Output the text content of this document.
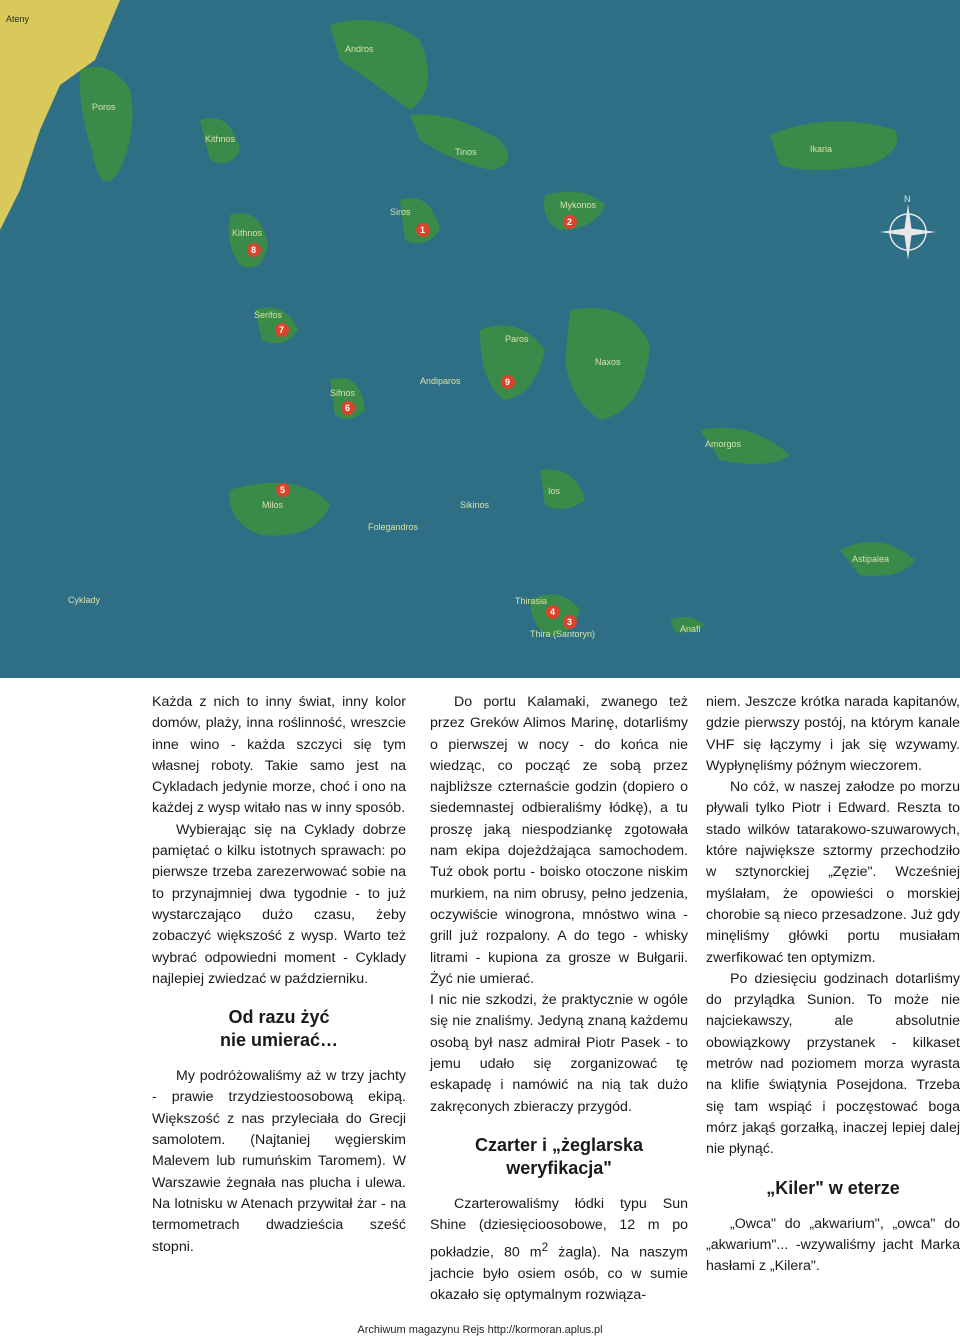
Ateny
Andros
Poros
Kithnos
Tinos	Ikaria
Siros
Mykonos
Kithnos
Serifos
Paros
Naxos
Andiparos
Sifnos
Amorgos
Milos	Sikinos
Ios
Folegandros
Astipalea
Thirasia
Anafi
Thira (Santoryn)
Cyklady
1
2
3
4
5
6
7
8
9
N

Każda z nich to inny świat, inny kolor domów, plaży, inna roślinność, wreszcie inne wino - każda szczyci się tym własnej roboty. Takie samo jest na Cykladach jedynie morze, choć i ono na każdej z wysp witało nas w inny sposób.

Wybierając się na Cyklady dobrze pamiętać o kilku istotnych sprawach: po pierwsze trzeba zarezerwować sobie na to przynajmniej dwa tygodnie - to już wystarczająco dużo czasu, żeby zobaczyć większość z wysp. Warto też wybrać odpowiedni moment - Cyklady najlepiej zwiedzać w październiku.

Od razu żyć
nie umierać…

My podróżowaliśmy aż w trzy jachty - prawie trzydziestoosobową ekipą. Większość z nas przyleciała do Grecji samolotem. (Najtaniej węgierskim Malevem lub rumuńskim Taromem). W Warszawie żegnała nas plucha i ulewa. Na lotnisku w Atenach przywitał żar - na termometrach dwadzieścia sześć stopni.

Do portu Kalamaki, zwanego też przez Greków Alimos Marinę, dotarliśmy o pierwszej w nocy - do końca nie wiedząc, co począć ze sobą przez najbliższe czternaście godzin (dopiero o siedemnastej odbieraliśmy łódkę), a tu proszę jaką niespodziankę zgotowała nam ekipa dojeżdżająca samochodem. Tuż obok portu - boisko otoczone niskim murkiem, na nim obrusy, pełno jedzenia, oczywiście winogrona, mnóstwo wina - grill już rozpalony. A do tego - whisky litrami - kupiona za grosze w Bułgarii. Żyć nie umierać.

I nic nie szkodzi, że praktycznie w ogóle się nie znaliśmy. Jedyną znaną każdemu osobą był nasz admirał Piotr Pasek - to jemu udało się zorganizować tę eskapadę i namówić na nią tak dużo zakręconych zbieraczy przygód.

Czarter i „żeglarska
weryfikacja"

Czarterowaliśmy łódki typu Sun Shine (dziesięcioosobowe, 12 m po pokładzie, 80 $m^2$ żagla). Na naszym jachcie było osiem osób, co w sumie okazało się optymalnym rozwiąza-

niem. Jeszcze krótka narada kapitanów, gdzie pierwszy postój, na którym kanale VHF się łączymy i jak się wzywamy. Wypłynęliśmy późnym wieczorem.

No cóż, w naszej załodze po morzu pływali tylko Piotr i Edward. Reszta to stado wilków tatarakowo-szuwarowych, które największe sztormy przechodziło w sztynorckiej „Zęzie". Wcześniej myślałam, że opowieści o morskiej chorobie są nieco przesadzone. Już gdy minęliśmy główki portu musiałam zwerfikować ten optymizm.

Po dziesięciu godzinach dotarliśmy do przylądka Sunion. To może nie najciekawszy, ale absolutnie obowiązkowy przystanek - kilkaset metrów nad poziomem morza wyrasta na klifie świątynia Posejdona. Trzeba się tam wspiąć i poczęstować boga mórz jakąś gorzałką, inaczej lepiej dalej nie płynąć.

„Kiler" w eterze

„Owca" do „akwarium", „owca" do „akwarium"... -wzywaliśmy jacht Marka hasłami z „Kilera".

Archiwum magazynu Rejs http://kormoran.aplus.pl
